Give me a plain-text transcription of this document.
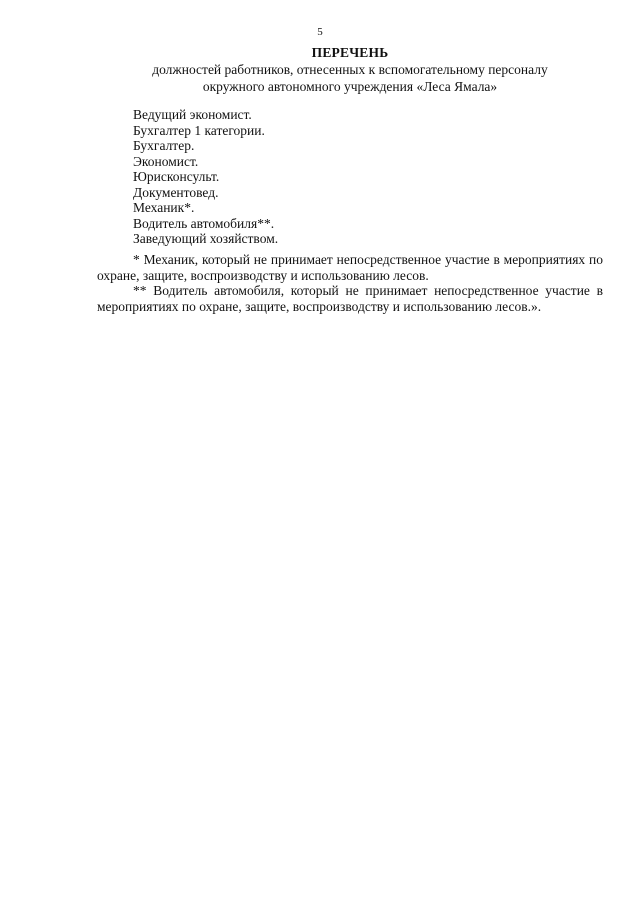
5
ПЕРЕЧЕНЬ
должностей работников, отнесенных к вспомогательному персоналу
окружного автономного учреждения «Леса Ямала»
Ведущий экономист.
Бухгалтер 1 категории.
Бухгалтер.
Экономист.
Юрисконсульт.
Документовед.
Механик*.
Водитель автомобиля**.
Заведующий хозяйством.

* Механик, который не принимает непосредственное участие в мероприятиях по охране, защите, воспроизводству и использованию лесов.

** Водитель автомобиля, который не принимает непосредственное участие в мероприятиях по охране, защите, воспроизводству и использованию лесов.».
